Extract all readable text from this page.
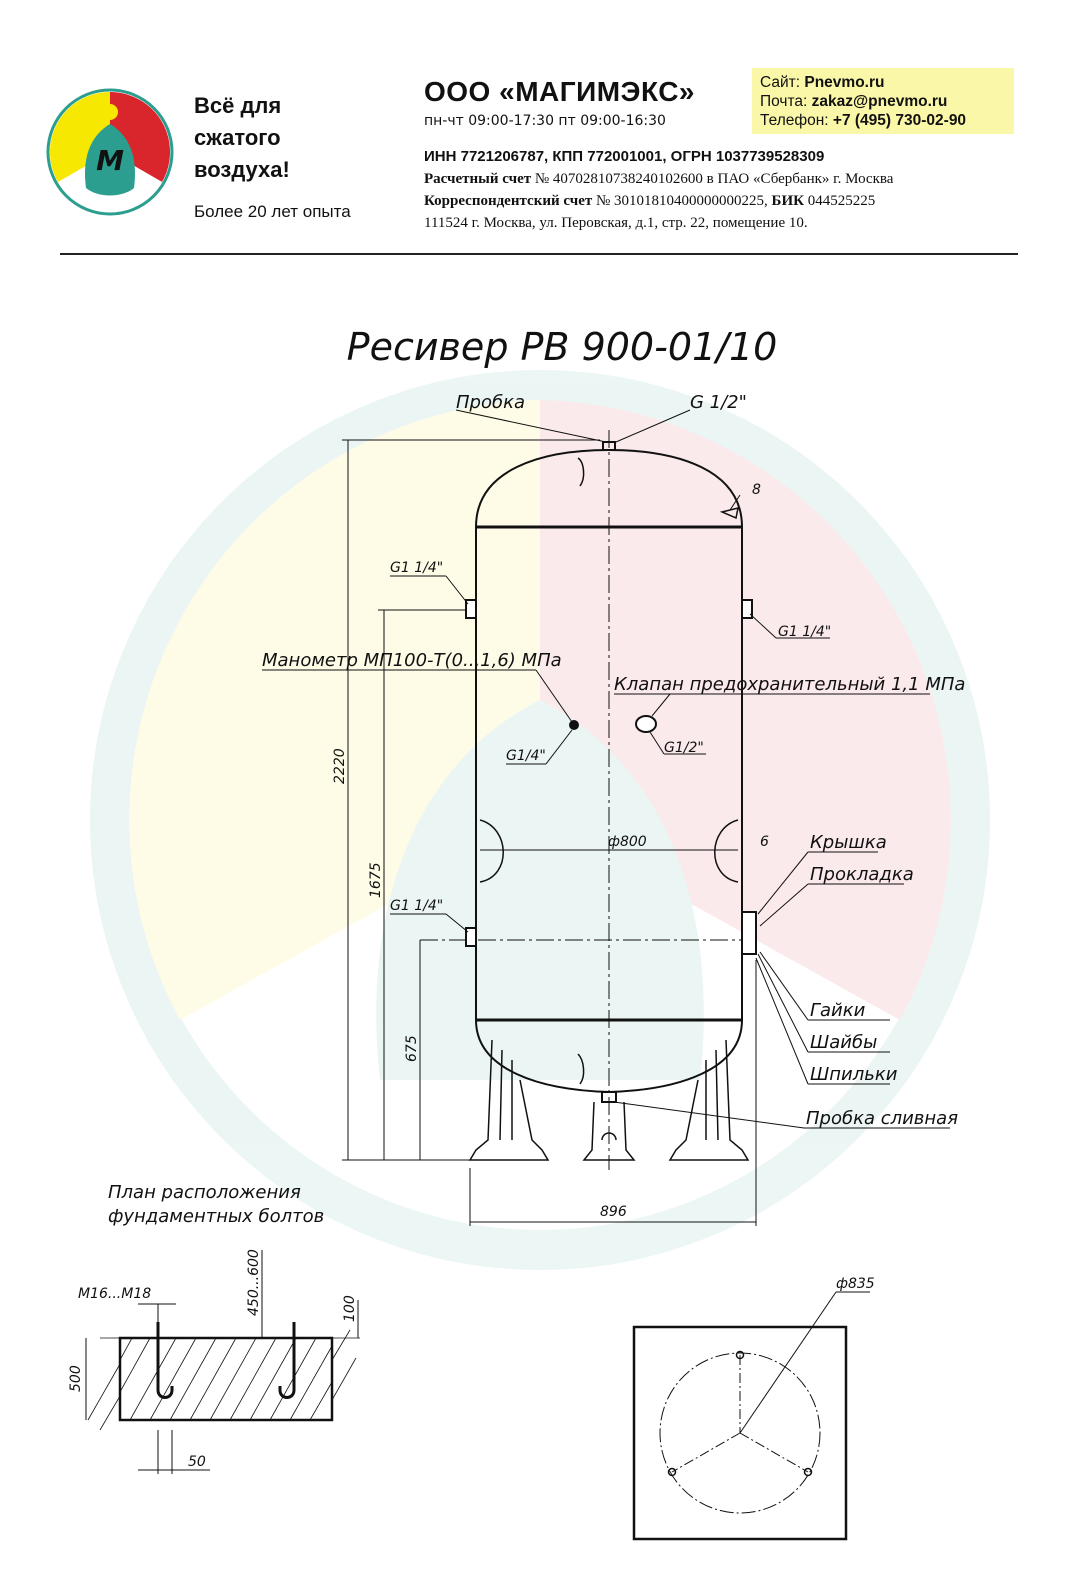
М
Всё для
сжатого
воздуха!
Более 20 лет опыта
ООО «МАГИМЭКС»
пн-чт 09:00-17:30 пт 09:00-16:30
Сайт: Pnevmo.ru
Почта: zakaz@pnevmo.ru
Телефон: +7 (495) 730-02-90
ИНН 7721206787, КПП 772001001, ОГРН 1037739528309
Расчетный счет № 40702810738240102600 в ПАО «Сбербанк» г. Москва
Корреспондентский счет № 30101810400000000225, БИК 044525225
111524 г. Москва, ул. Перовская, д.1, стр. 22, помещение 10.
Ресивер РВ 900-01/10
Пробка	G 1/2"
8
G1 1/4"
G1 1/4"
Манометр МП100-Т(0...1,6) МПа
Клапан предохранительный 1,1 МПа
G1/4"	G1/2"
2220
1675
ф800	6 Крышка
Прокладка
G1 1/4"
675
Гайки
Шайбы
Шпильки
Пробка сливная
896
План расположения
фундаментных болтов
M16...M18	450...600	100
500
50
ф835
